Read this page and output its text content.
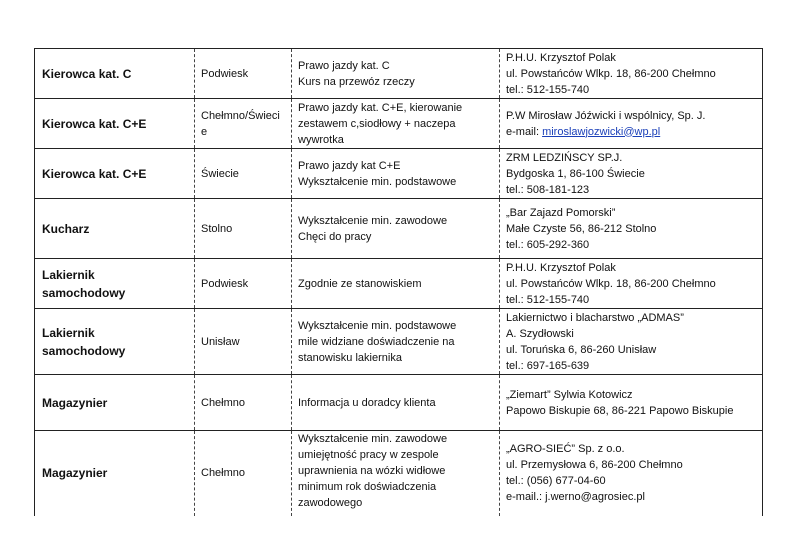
Kierowca kat. C	Podwiesk	Prawo jazdy kat. C
Kurs na przewóz rzeczy	P.H.U. Krzysztof Polak
ul. Powstańców Wlkp. 18, 86-200 Chełmno
tel.: 512-155-740

Kierowca kat. C+E	Chełmno/Świecie	Prawo jazdy kat. C+E, kierowanie
zestawem c,siodłowy + naczepa
wywrotka	P.W Mirosław Jóźwicki i wspólnicy, Sp. J.
e-mail: miroslawjozwicki@wp.pl

Kierowca kat. C+E	Świecie	Prawo jazdy kat C+E
Wykształcenie min. podstawowe	ZRM LEDZIŃSCY SP.J.
Bydgoska 1, 86-100 Świecie
tel.: 508-181-123

Kucharz	Stolno	Wykształcenie min. zawodowe
Chęci do pracy	„Bar Zajazd Pomorski”
Małe Czyste 56, 86-212 Stolno
tel.: 605-292-360

Lakiernik samochodowy	Podwiesk	Zgodnie ze stanowiskiem	P.H.U. Krzysztof Polak
ul. Powstańców Wlkp. 18, 86-200 Chełmno
tel.: 512-155-740

Lakiernik samochodowy	Unisław	Wykształcenie min. podstawowe
mile widziane doświadczenie na
stanowisku lakiernika	Lakiernictwo i blacharstwo „ADMAS”
A. Szydłowski
ul. Toruńska 6, 86-260 Unisław
tel.: 697-165-639

Magazynier	Chełmno	Informacja u doradcy klienta	„Ziemart” Sylwia Kotowicz
Papowo Biskupie 68, 86-221 Papowo Biskupie

Magazynier	Chełmno	Wykształcenie min. zawodowe
umiejętność pracy w zespole
uprawnienia na wózki widłowe
minimum rok doświadczenia
zawodowego	„AGRO-SIEĆ” Sp. z o.o.
ul. Przemysłowa 6, 86-200 Chełmno
tel.: (056) 677-04-60
e-mail.: j.werno@agrosiec.pl
